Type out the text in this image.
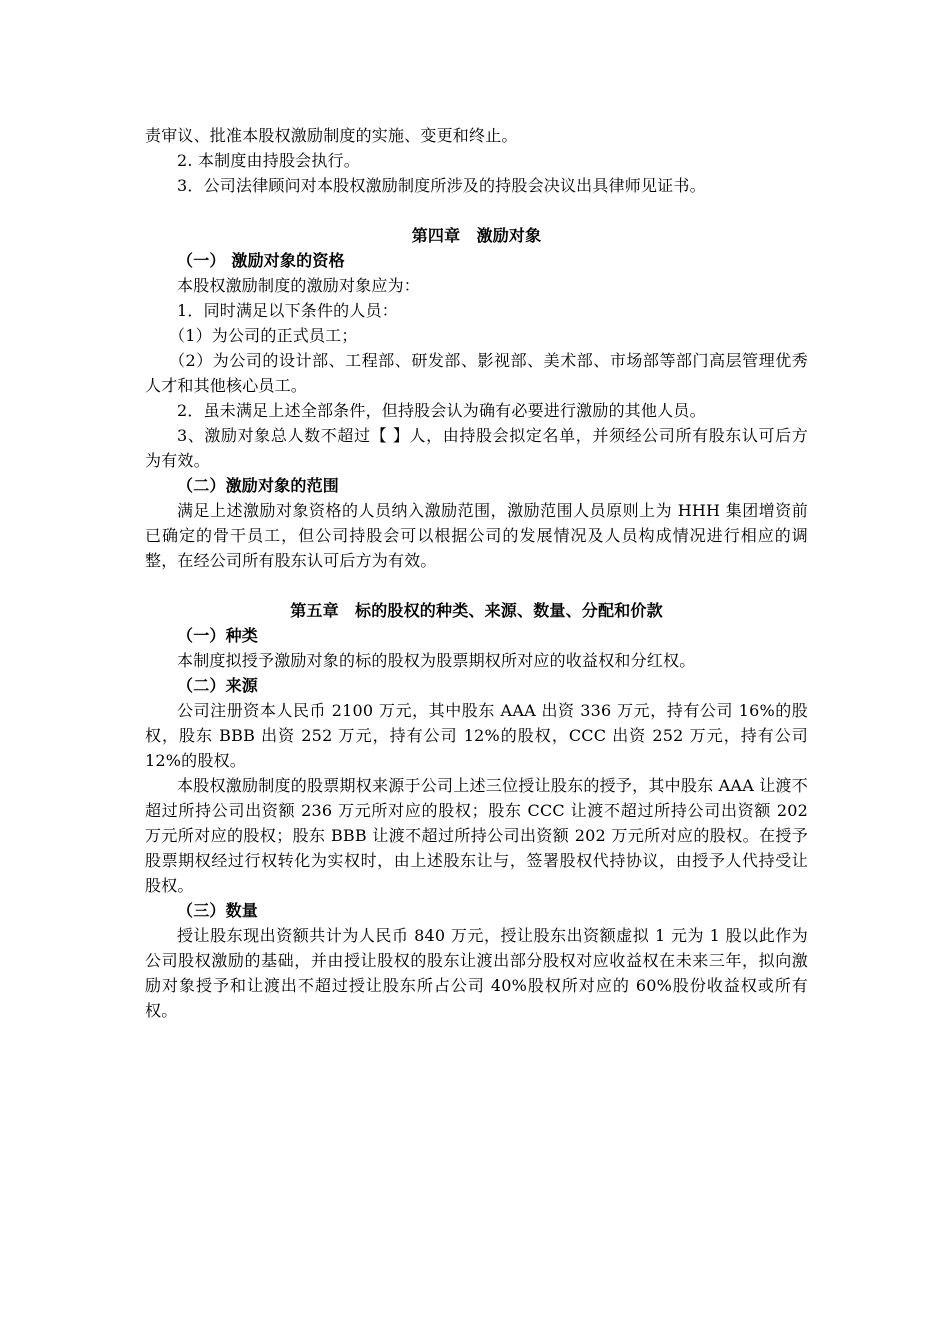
责审议、批准本股权激励制度的实施、变更和终止。

2. 本制度由持股会执行。

3．公司法律顾问对本股权激励制度所涉及的持股会决议出具律师见证书。

第四章　激励对象

（一） 激励对象的资格

本股权激励制度的激励对象应为：

1．同时满足以下条件的人员：

（1）为公司的正式员工；

（2）为公司的设计部、工程部、研发部、影视部、美术部、市场部等部门高层管理优秀人才和其他核心员工。

2．虽未满足上述全部条件，但持股会认为确有必要进行激励的其他人员。

3、激励对象总人数不超过【 】人，由持股会拟定名单，并须经公司所有股东认可后方为有效。

（二）激励对象的范围

满足上述激励对象资格的人员纳入激励范围，激励范围人员原则上为 HHH 集团增资前已确定的骨干员工，但公司持股会可以根据公司的发展情况及人员构成情况进行相应的调整，在经公司所有股东认可后方为有效。

第五章　标的股权的种类、来源、数量、分配和价款

（一）种类

本制度拟授予激励对象的标的股权为股票期权所对应的收益权和分红权。

（二）来源

公司注册资本人民币 2100 万元，其中股东 AAA 出资 336 万元，持有公司 16%的股权，股东 BBB 出资 252 万元，持有公司 12%的股权，CCC 出资 252 万元，持有公司 12%的股权。

本股权激励制度的股票期权来源于公司上述三位授让股东的授予，其中股东 AAA 让渡不超过所持公司出资额 236 万元所对应的股权；股东 CCC 让渡不超过所持公司出资额 202 万元所对应的股权；股东 BBB 让渡不超过所持公司出资额 202 万元所对应的股权。在授予股票期权经过行权转化为实权时，由上述股东让与，签署股权代持协议，由授予人代持受让股权。

（三）数量

授让股东现出资额共计为人民币 840 万元，授让股东出资额虚拟 1 元为 1 股以此作为公司股权激励的基础，并由授让股权的股东让渡出部分股权对应收益权在未来三年，拟向激励对象授予和让渡出不超过授让股东所占公司 40%股权所对应的 60%股份收益权或所有权。
